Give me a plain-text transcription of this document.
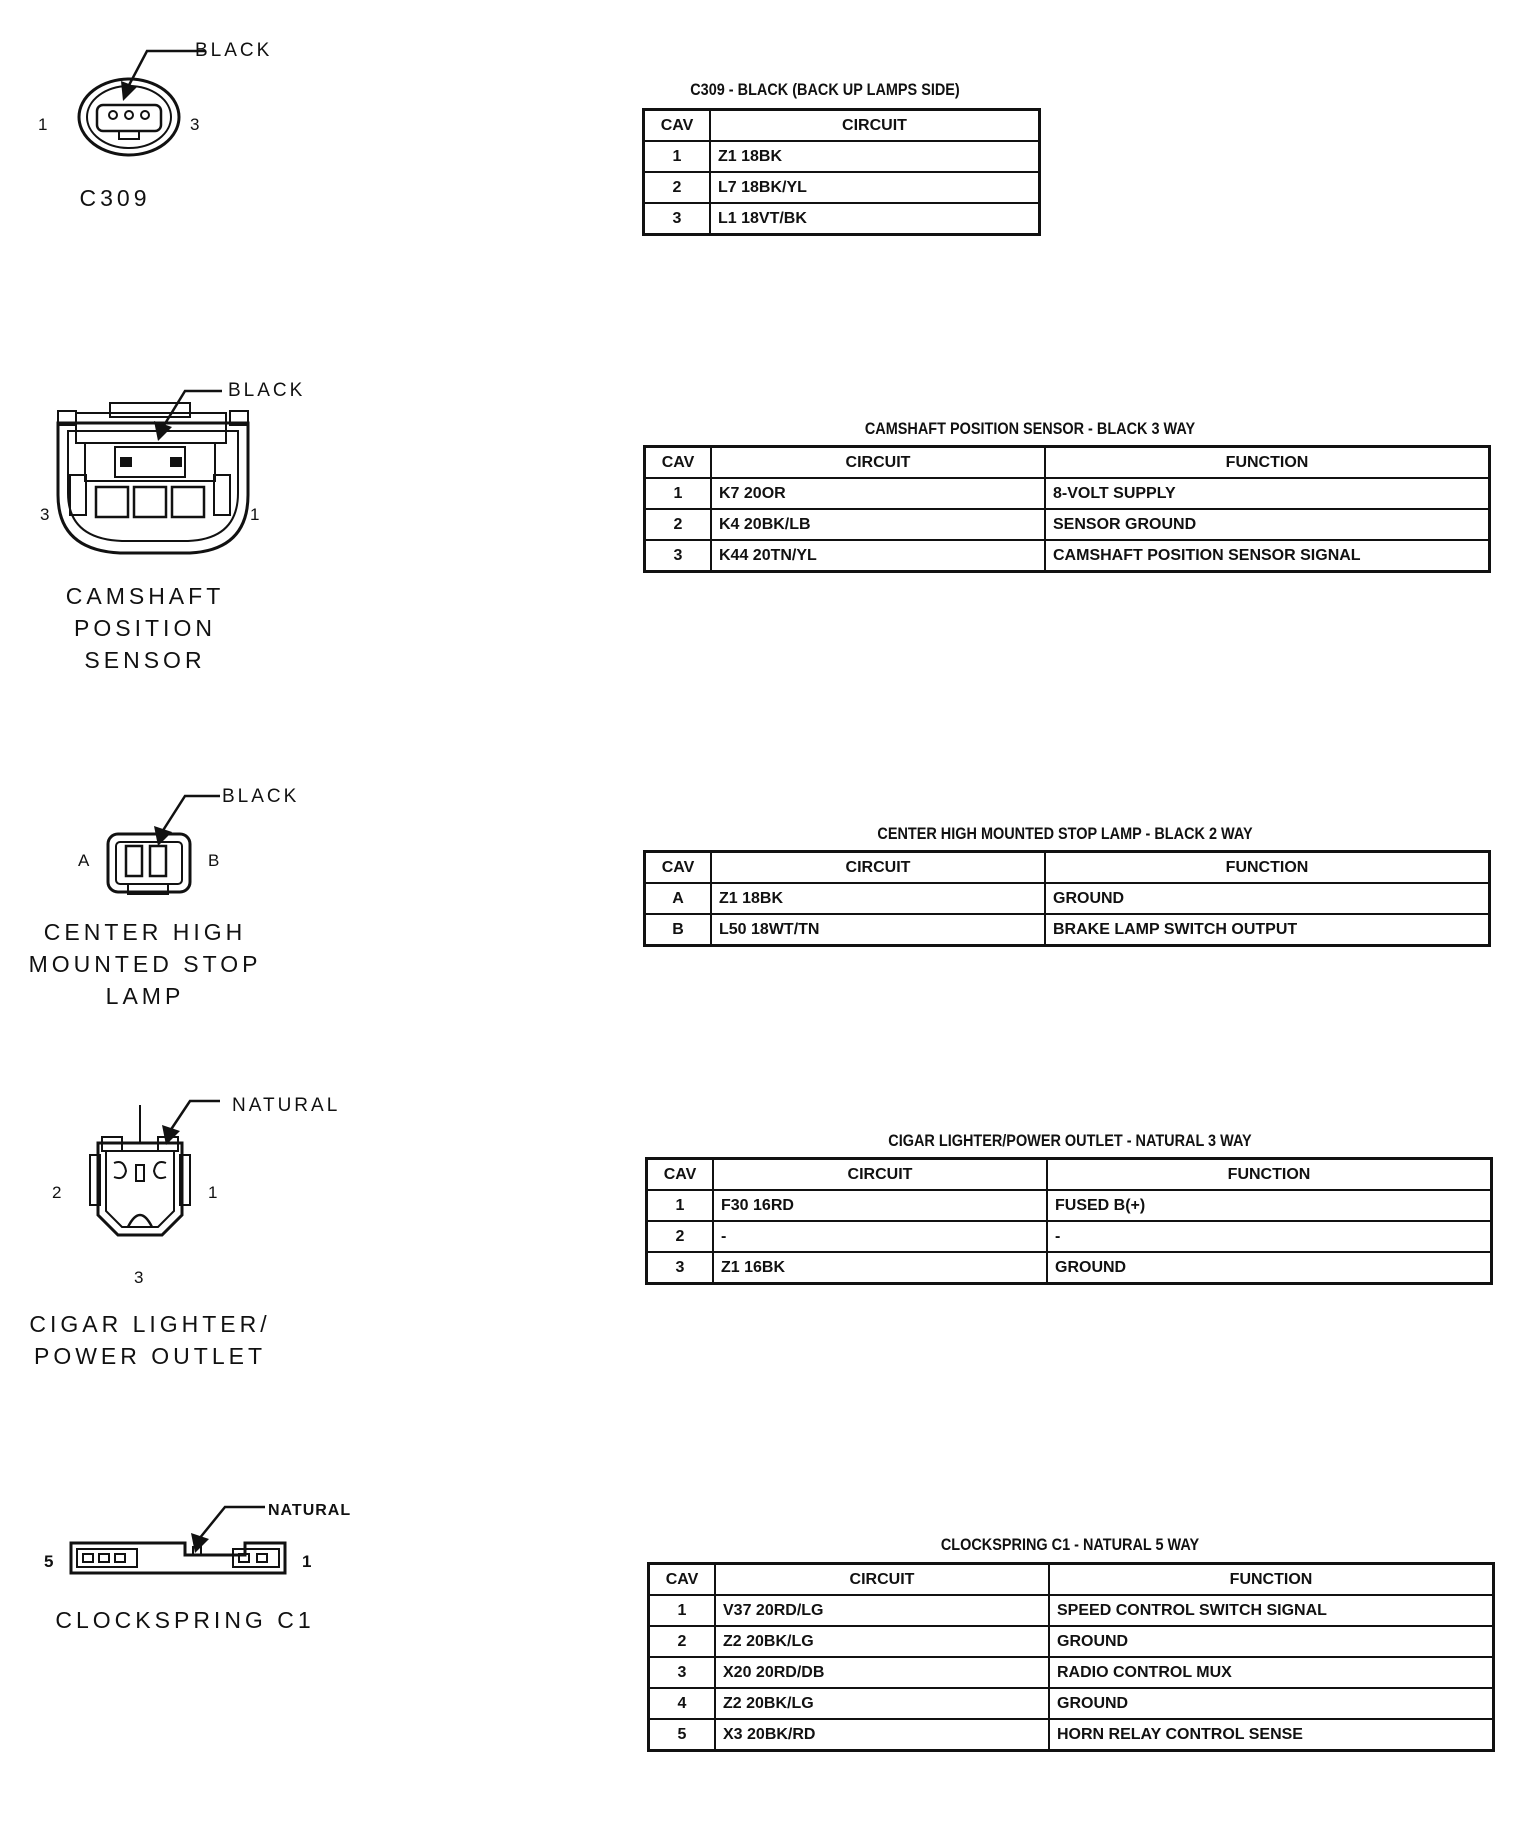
BLACK
1	3
C309
C309 - BLACK (BACK UP LAMPS SIDE)
CAV	CIRCUIT
1	Z1 18BK
2	L7 18BK/YL
3	L1 18VT/BK
BLACK
3	1
CAMSHAFT
POSITION
SENSOR
CAMSHAFT POSITION SENSOR - BLACK 3 WAY
CAV	CIRCUIT	FUNCTION
1	K7 20OR	8-VOLT SUPPLY
2	K4 20BK/LB	SENSOR GROUND
3	K44 20TN/YL	CAMSHAFT POSITION SENSOR SIGNAL
BLACK
A	B
CENTER HIGH
MOUNTED STOP
LAMP
CENTER HIGH MOUNTED STOP LAMP - BLACK 2 WAY
CAV	CIRCUIT	FUNCTION
A	Z1 18BK	GROUND
B	L50 18WT/TN	BRAKE LAMP SWITCH OUTPUT
NATURAL
2	1
3
CIGAR LIGHTER/
POWER OUTLET
CIGAR LIGHTER/POWER OUTLET - NATURAL 3 WAY
CAV	CIRCUIT	FUNCTION
1	F30 16RD	FUSED B(+)
2	-	-
3	Z1 16BK	GROUND
NATURAL
5	1
CLOCKSPRING C1
CLOCKSPRING C1 - NATURAL 5 WAY
CAV	CIRCUIT	FUNCTION
1	V37 20RD/LG	SPEED CONTROL SWITCH SIGNAL
2	Z2 20BK/LG	GROUND
3	X20 20RD/DB	RADIO CONTROL MUX
4	Z2 20BK/LG	GROUND
5	X3 20BK/RD	HORN RELAY CONTROL SENSE
